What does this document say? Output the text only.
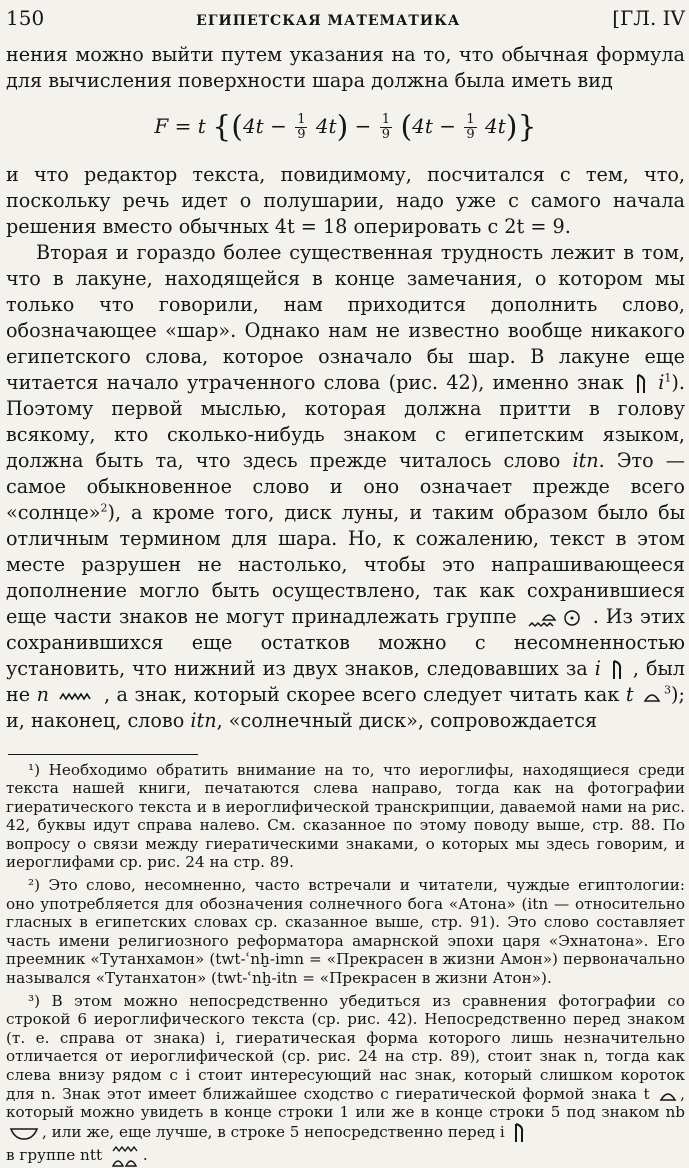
150	ЕГИПЕТСКАЯ МАТЕМАТИКА	[ГЛ. IV

нения можно выйти путем указания на то, что обычная формула для вычисления поверхности шара должна была иметь вид

F = t $\{(4t - \frac{1}{9} 4t) - \frac{1}{9} (4t - \frac{1}{9} 4t)\}$

и что редактор текста, повидимому, посчитался с тем, что, поскольку речь идет о полушарии, надо уже с самого начала решения вместо обычных 4t = 18 оперировать с 2t = 9.

Вторая и гораздо более существенная трудность лежит в том, что в лакуне, находящейся в конце замечания, о котором мы только что говорили, нам приходится дополнить слово, обозначающее «шар». Однако нам не известно вообще никакого египетского слова, которое означало бы шар. В лакуне еще читается начало утраченного слова (рис. 42), именно знак $i^1$). Поэтому первой мыслью, которая должна притти в голову всякому, кто сколько-нибудь знаком с египетским языком, должна быть та, что здесь прежде читалось слово itn. Это — самое обыкновенное слово и оно означает прежде всего «солнце»$^2$), а кроме того, диск луны, и таким образом было бы отличным термином для шара. Но, к сожалению, текст в этом месте разрушен не настолько, чтобы это напрашивающееся дополнение могло быть осуществлено, так как сохранившиеся еще части знаков не могут принадлежать группе	. Из этих сохранившихся еще остатков можно с несомненностью установить, что нижний из двух знаков, следовавших за i , был не n	, а знак, который скорее всего следует читать как t	$^3$); и, наконец, слово itn, «солнечный диск», сопровождается

¹) Необходимо обратить внимание на то, что иероглифы, находящиеся среди текста нашей книги, печатаются слева направо, тогда как на фотографии гиератического текста и в иероглифической транскрипции, даваемой нами на рис. 42, буквы идут справа налево. См. сказанное по этому поводу выше, стр. 88. По вопросу о связи между гиератическими знаками, о которых мы здесь говорим, и иероглифами ср. рис. 24 на стр. 89.

²) Это слово, несомненно, часто встречали и читатели, чуждые египтологии: оно употребляется для обозначения солнечного бога «Атона» (itn — относительно гласных в египетских словах ср. сказанное выше, стр. 91). Это слово составляет часть имени религиозного реформатора амарнской эпохи царя «Эхнатона». Его преемник «Тутанхамон» (twt-ʿnḫ-imn = «Прекрасен в жизни Амон») первоначально назывался «Тутанхатон» (twt-ʿnḫ-itn = «Прекрасен в жизни Атон»).

³) В этом можно непосредственно убедиться из сравнения фотографии со строкой 6 иероглифического текста (ср. рис. 42). Непосредственно перед знаком (т. е. справа от знака) i, гиератическая форма которого лишь незначительно отличается от иероглифической (ср. рис. 24 на стр. 89), стоит знак n, тогда как слева внизу рядом с i стоит интересующий нас знак, который слишком короток для n. Знак этот имеет ближайшее сходство с гиератической формой знака t , который можно увидеть в конце строки 1 или же в конце строки 5 под знаком nb , или же, еще лучше, в строке 5 непосредственно перед i
в группе ntt	.
